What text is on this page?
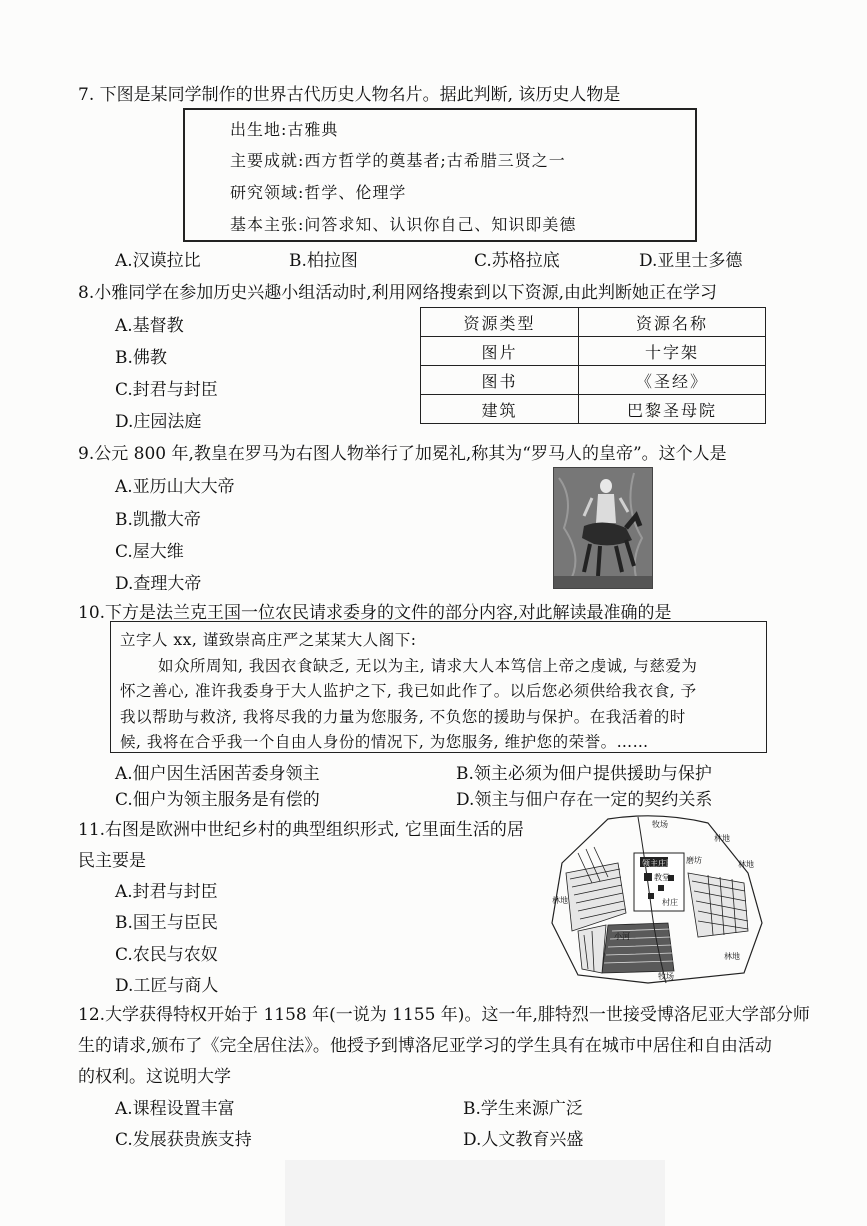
7. 下图是某同学制作的世界古代历史人物名片。据此判断, 该历史人物是
出生地:古雅典
主要成就:西方哲学的奠基者;古希腊三贤之一
研究领域:哲学、伦理学
基本主张:问答求知、认识你自己、知识即美德
A.汉谟拉比	B.柏拉图	C.苏格拉底	D.亚里士多德
8.小雅同学在参加历史兴趣小组活动时,利用网络搜索到以下资源,由此判断她正在学习
A.基督教
B.佛教
C.封君与封臣
D.庄园法庭
资源类型	资源名称
图片	十字架
图书	《圣经》
建筑	巴黎圣母院
9.公元 800 年,教皇在罗马为右图人物举行了加冕礼,称其为“罗马人的皇帝”。这个人是
A.亚历山大大帝
B.凯撒大帝
C.屋大维
D.查理大帝
10.下方是法兰克王国一位农民请求委身的文件的部分内容,对此解读最准确的是
立字人 xx, 谨致崇高庄严之某某大人阁下:
如众所周知, 我因衣食缺乏, 无以为主, 请求大人本笃信上帝之虔诚, 与慈爱为
怀之善心, 准许我委身于大人监护之下, 我已如此作了。以后您必须供给我衣食, 予
我以帮助与救济, 我将尽我的力量为您服务, 不负您的援助与保护。在我活着的时
候, 我将在合乎我一个自由人身份的情况下, 为您服务, 维护您的荣誉。……
A.佃户因生活困苦委身领主	B.领主必须为佃户提供援助与保护
C.佃户为领主服务是有偿的	D.领主与佃户存在一定的契约关系
11.右图是欧洲中世纪乡村的典型组织形式, 它里面生活的居
民主要是
A.封君与封臣
B.国王与臣民
C.农民与农奴
D.工匠与商人
牧场
林地
林地
林地
领主庄园
教堂
村庄
磨坊
小河
牧场
林地
12.大学获得特权开始于 1158 年(一说为 1155 年)。这一年,腓特烈一世接受博洛尼亚大学部分师
生的请求,颁布了《完全居住法》。他授予到博洛尼亚学习的学生具有在城市中居住和自由活动
的权利。这说明大学
A.课程设置丰富	B.学生来源广泛
C.发展获贵族支持	D.人文教育兴盛
